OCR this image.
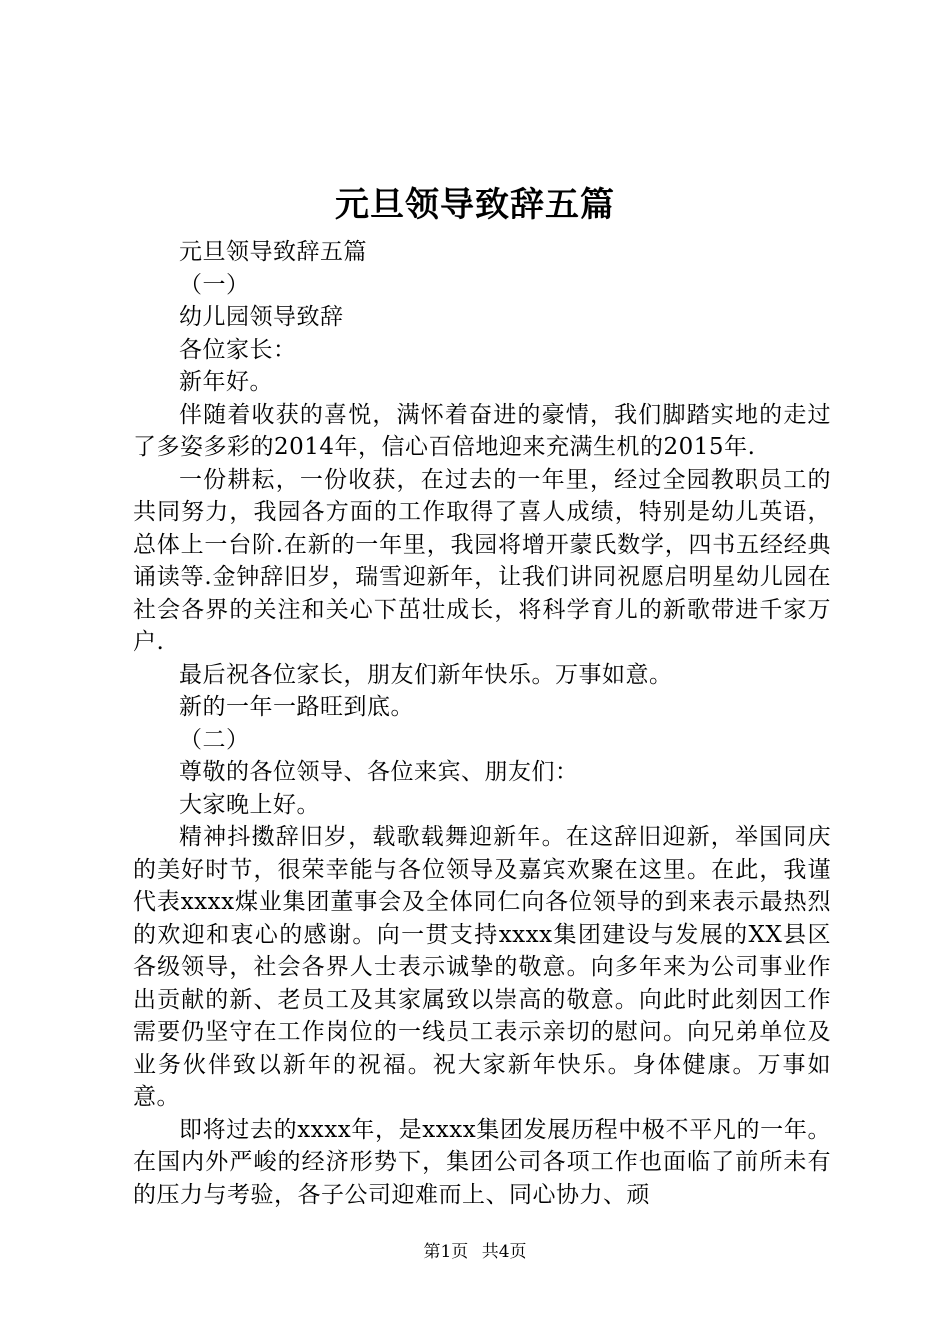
元旦领导致辞五篇

元旦领导致辞五篇

（一）

幼儿园领导致辞

各位家长：

新年好。

伴随着收获的喜悦，满怀着奋进的豪情，我们脚踏实地的走过了多姿多彩的2014年，信心百倍地迎来充满生机的2015年.

一份耕耘，一份收获，在过去的一年里，经过全园教职员工的共同努力，我园各方面的工作取得了喜人成绩，特别是幼儿英语，总体上一台阶.在新的一年里，我园将增开蒙氏数学，四书五经经典诵读等.金钟辞旧岁，瑞雪迎新年，让我们讲同祝愿启明星幼儿园在社会各界的关注和关心下茁壮成长，将科学育儿的新歌带进千家万户.

最后祝各位家长，朋友们新年快乐。万事如意。

新的一年一路旺到底。

（二）

尊敬的各位领导、各位来宾、朋友们：

大家晚上好。

精神抖擞辞旧岁，载歌载舞迎新年。在这辞旧迎新，举国同庆的美好时节，很荣幸能与各位领导及嘉宾欢聚在这里。在此，我谨代表xxxx煤业集团董事会及全体同仁向各位领导的到来表示最热烈的欢迎和衷心的感谢。向一贯支持xxxx集团建设与发展的XX县区各级领导，社会各界人士表示诚挚的敬意。向多年来为公司事业作出贡献的新、老员工及其家属致以崇高的敬意。向此时此刻因工作需要仍坚守在工作岗位的一线员工表示亲切的慰问。向兄弟单位及业务伙伴致以新年的祝福。祝大家新年快乐。身体健康。万事如意。

即将过去的xxxx年，是xxxx集团发展历程中极不平凡的一年。在国内外严峻的经济形势下，集团公司各项工作也面临了前所未有的压力与考验，各子公司迎难而上、同心协力、顽

第1页 共4页
